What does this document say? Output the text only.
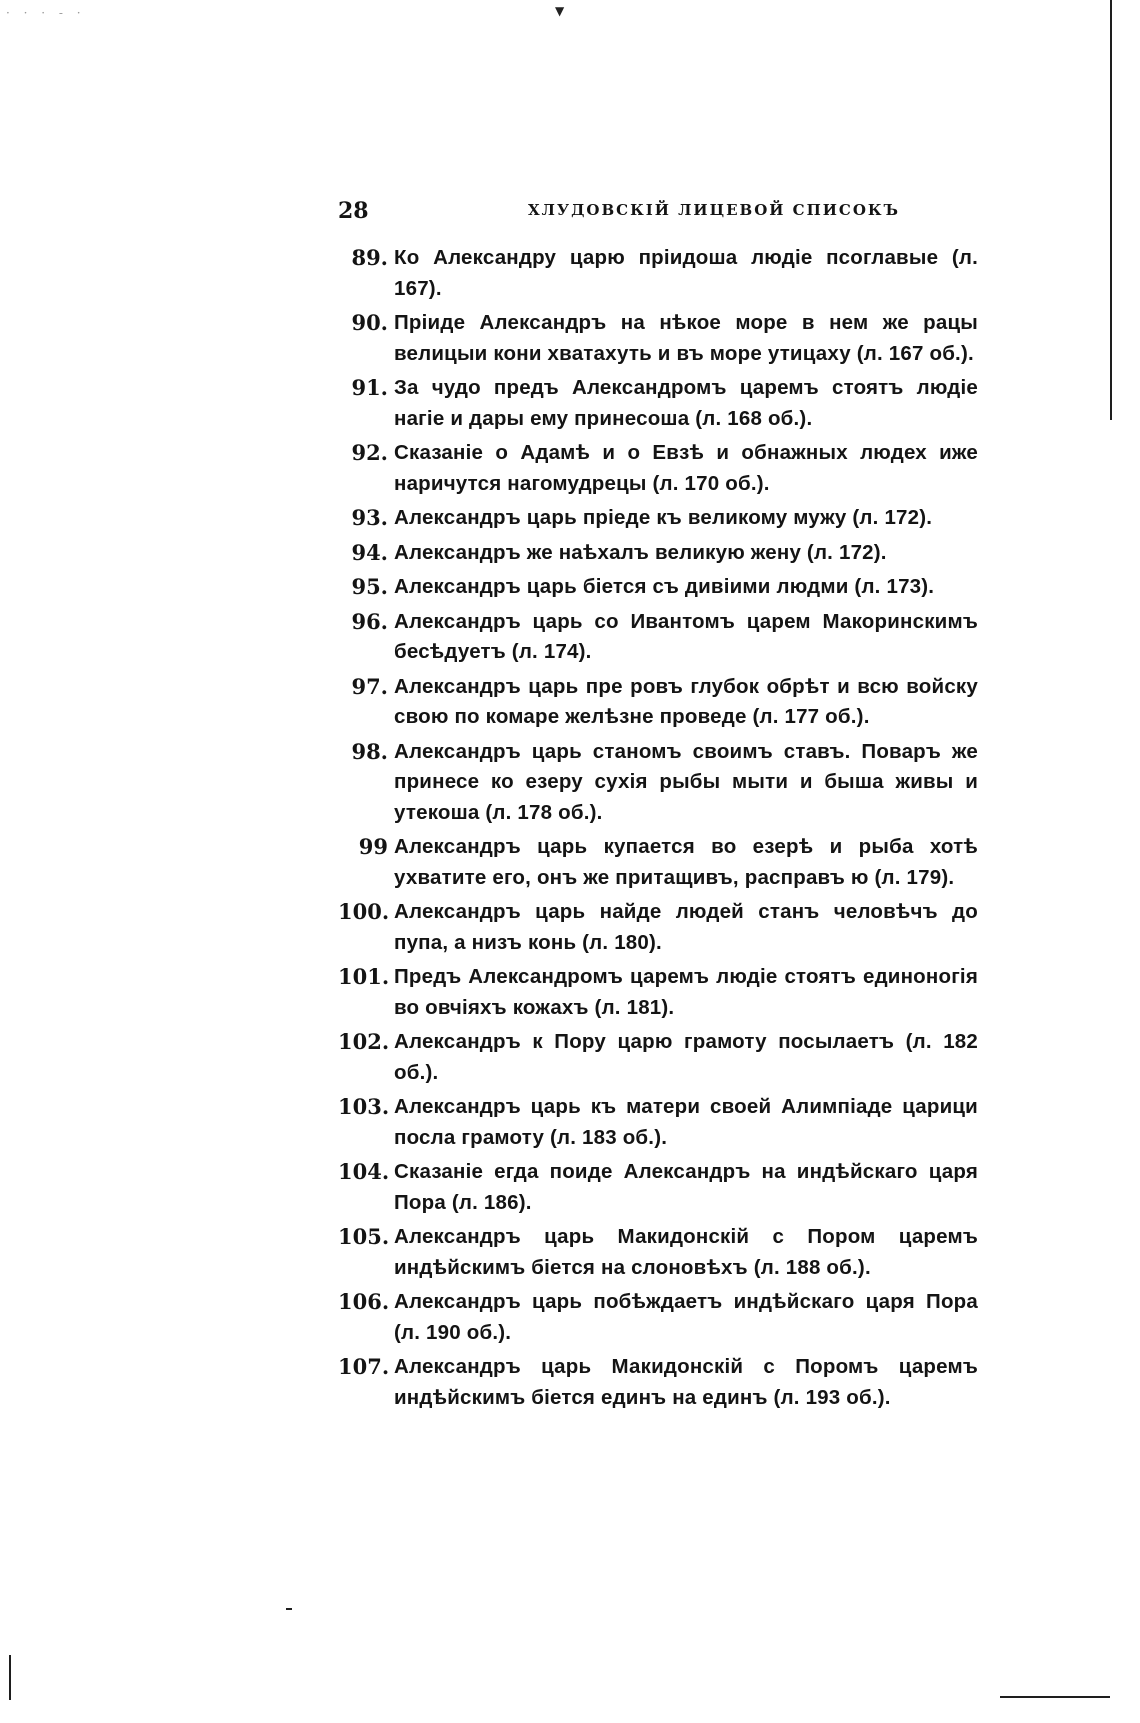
· · · - ·	▼
28	ХЛУДОВСКІЙ ЛИЦЕВОЙ СПИСОКЪ
89. Ко Александру царю пріидоша людіе псоглавые (л. 167).
90. Пріиде Александръ на нѣкое море в нем же рацы велицыи кони хватахуть и въ море утицаху (л. 167 об.).
91. За чудо предъ Александромъ царемъ стоятъ людіе нагіе и дары ему принесоша (л. 168 об.).
92. Сказаніе о Адамѣ и о Евзѣ и обнажных людех иже наричутся нагомудрецы (л. 170 об.).
93. Александръ царь пріеде къ великому мужу (л. 172).
94. Александръ же наѣхалъ великую жену (л. 172).
95. Александръ царь біется съ дивіими людми (л. 173).
96. Александръ царь со Ивантомъ царем Макоринскимъ бесѣдуетъ (л. 174).
97. Александръ царь пре ровъ глубок обрѣт и всю войску свою по комаре желѣзне проведе (л. 177 об.).
98. Александръ царь станомъ своимъ ставъ. Поваръ же принесе ко езеру сухія рыбы мыти и быша живы и утекоша (л. 178 об.).
99 Александръ царь купается во езерѣ и рыба хотѣ ухватите его, онъ же притащивъ, расправъ ю (л. 179).
100. Александръ царь найде людей станъ человѣчъ до пупа, а низъ конь (л. 180).
101. Предъ Александромъ царемъ людіе стоятъ единоногія во овчіяхъ кожахъ (л. 181).
102. Александръ к Пору царю грамоту посылаетъ (л. 182 об.).
103. Александръ царь къ матери своей Алимпіаде царици посла грамоту (л. 183 об.).
104. Сказаніе егда поиде Александръ на индѣйскаго царя Пора (л. 186).
105. Александръ царь Макидонскій с Пором царемъ индѣйскимъ біется на слоновѣхъ (л. 188 об.).
106. Александръ царь побѣждаетъ индѣйскаго царя Пора (л. 190 об.).
107. Александръ царь Макидонскій с Поромъ царемъ индѣйскимъ біется единъ на единъ (л. 193 об.).
